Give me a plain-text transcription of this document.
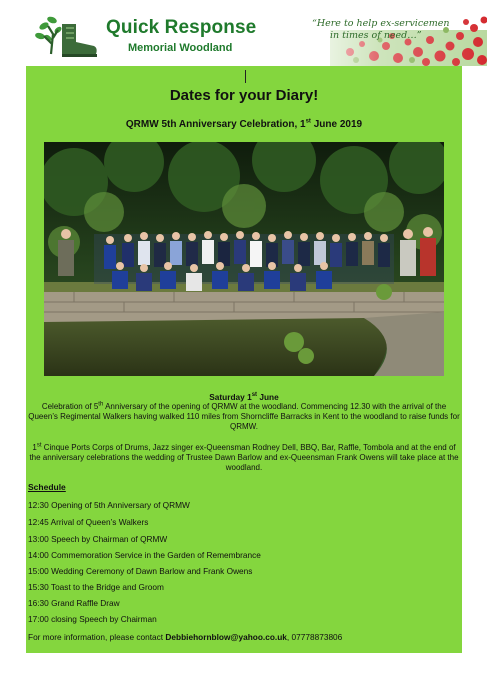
Quick Response
Memorial Woodland
“Here to help ex-servicemen
in times of need…”
Dates for your Diary!
QRMW 5th Anniversary Celebration, 1st June 2019
Saturday 1st June
Celebration of 5th Anniversary of the opening of QRMW at the woodland. Commencing 12.30 with the arrival of the Queen’s Regimental Walkers having walked 110 miles from Shorncliffe Barracks in Kent to the woodland to raise funds for QRMW.
1st Cinque Ports Corps of Drums, Jazz singer ex-Queensman Rodney Dell, BBQ, Bar, Raffle, Tombola and at the end of the anniversary celebrations the wedding of Trustee Dawn Barlow and ex-Queensman Frank Owens will take place at the woodland.
Schedule
12:30 Opening of 5th Anniversary of QRMW
12:45 Arrival of Queen’s Walkers
13:00 Speech by Chairman of QRMW
14:00 Commemoration Service in the Garden of Remembrance
15:00 Wedding Ceremony of Dawn Barlow and Frank Owens
15:30 Toast to the Bridge and Groom
16:30 Grand Raffle Draw
17:00 closing Speech by Chairman
For more information, please contact Debbiehornblow@yahoo.co.uk, 07778873806
